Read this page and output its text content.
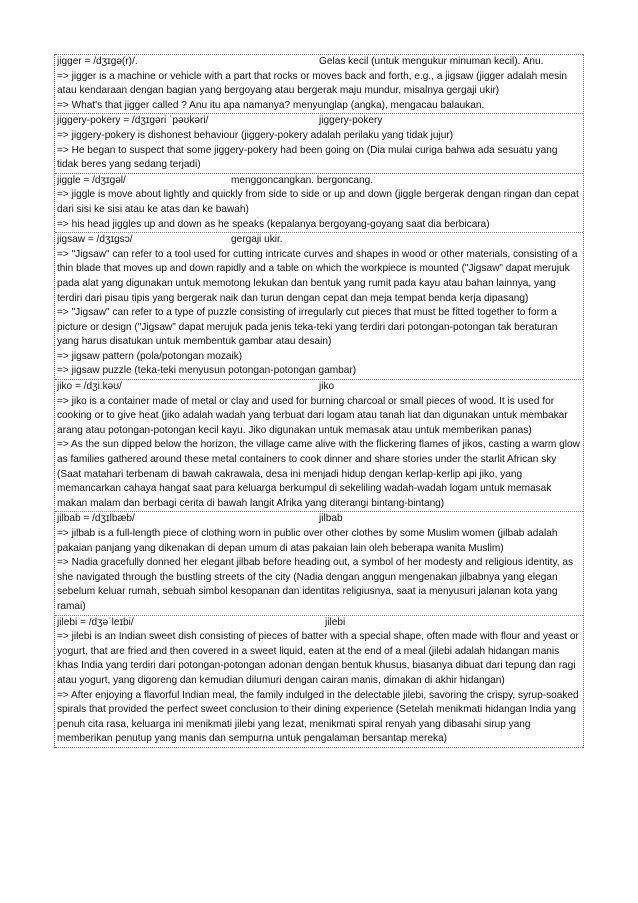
jigger = /dʒɪɡə(r)/.	Gelas kecil (untuk mengukur minuman kecil). Anu.
=> jigger is a machine or vehicle with a part that rocks or moves back and forth, e.g., a jigsaw (jigger adalah mesin atau kendaraan dengan bagian yang bergoyang atau bergerak maju mundur, misalnya gergaji ukir)
=> What's that jigger called ? Anu itu apa namanya? menyunglap (angka), mengacau balaukan.
jiggery-pokery = /dʒɪɡəri ˈpəʊkəri/	jiggery-pokery
=> jiggery-pokery is dishonest behaviour (jiggery-pokery adalah perilaku yang tidak jujur)
=> He began to suspect that some jiggery-pokery had been going on (Dia mulai curiga bahwa ada sesuatu yang tidak beres yang sedang terjadi)
jiggle = /dʒɪɡəl/	menggoncangkan. bergoncang.
=> jiggle is move about lightly and quickly from side to side or up and down (jiggle bergerak dengan ringan dan cepat dari sisi ke sisi atau ke atas dan ke bawah)
=> his head jiggles up and down as he speaks (kepalanya bergoyang-goyang saat dia berbicara)
jigsaw = /dʒɪɡsɔ/	gergaji ukir.
=> "Jigsaw" can refer to a tool used for cutting intricate curves and shapes in wood or other materials, consisting of a thin blade that moves up and down rapidly and a table on which the workpiece is mounted ("Jigsaw" dapat merujuk pada alat yang digunakan untuk memotong lekukan dan bentuk yang rumit pada kayu atau bahan lainnya, yang terdiri dari pisau tipis yang bergerak naik dan turun dengan cepat dan meja tempat benda kerja dipasang)
=> "Jigsaw" can refer to a type of puzzle consisting of irregularly cut pieces that must be fitted together to form a picture or design ("Jigsaw" dapat merujuk pada jenis teka-teki yang terdiri dari potongan-potongan tak beraturan yang harus disatukan untuk membentuk gambar atau desain)
=> jigsaw pattern (pola/potongan mozaik)
=> jigsaw puzzle (teka-teki menyusun potongan-potongan gambar)
jiko = /dʒiːkəʊ/	jiko
=> jiko is a container made of metal or clay and used for burning charcoal or small pieces of wood. It is used for cooking or to give heat (jiko adalah wadah yang terbuat dari logam atau tanah liat dan digunakan untuk membakar arang atau potongan-potongan kecil kayu. Jiko digunakan untuk memasak atau untuk memberikan panas)
=> As the sun dipped below the horizon, the village came alive with the flickering flames of jikos, casting a warm glow as families gathered around these metal containers to cook dinner and share stories under the starlit African sky (Saat matahari terbenam di bawah cakrawala, desa ini menjadi hidup dengan kerlap-kerlip api jiko, yang memancarkan cahaya hangat saat para keluarga berkumpul di sekeliling wadah-wadah logam untuk memasak makan malam dan berbagi cerita di bawah langit Afrika yang diterangi bintang-bintang)
jilbab = /dʒɪlbæb/	jilbab
=> jilbab is a full-length piece of clothing worn in public over other clothes by some Muslim women (jilbab adalah pakaian panjang yang dikenakan di depan umum di atas pakaian lain oleh beberapa wanita Muslim)
=> Nadia gracefully donned her elegant jilbab before heading out, a symbol of her modesty and religious identity, as she navigated through the bustling streets of the city (Nadia dengan anggun mengenakan jilbabnya yang elegan sebelum keluar rumah, sebuah simbol kesopanan dan identitas religiusnya, saat ia menyusuri jalanan kota yang ramai)
jilebi = /dʒəˈleɪbi/	jilebi
=> jilebi is an Indian sweet dish consisting of pieces of batter with a special shape, often made with flour and yeast or yogurt, that are fried and then covered in a sweet liquid, eaten at the end of a meal (jilebi adalah hidangan manis khas India yang terdiri dari potongan-potongan adonan dengan bentuk khusus, biasanya dibuat dari tepung dan ragi atau yogurt, yang digoreng dan kemudian dilumuri dengan cairan manis, dimakan di akhir hidangan)
=> After enjoying a flavorful Indian meal, the family indulged in the delectable jilebi, savoring the crispy, syrup-soaked spirals that provided the perfect sweet conclusion to their dining experience (Setelah menikmati hidangan India yang penuh cita rasa, keluarga ini menikmati jilebi yang lezat, menikmati spiral renyah yang dibasahi sirup yang memberikan penutup yang manis dan sempurna untuk pengalaman bersantap mereka)
